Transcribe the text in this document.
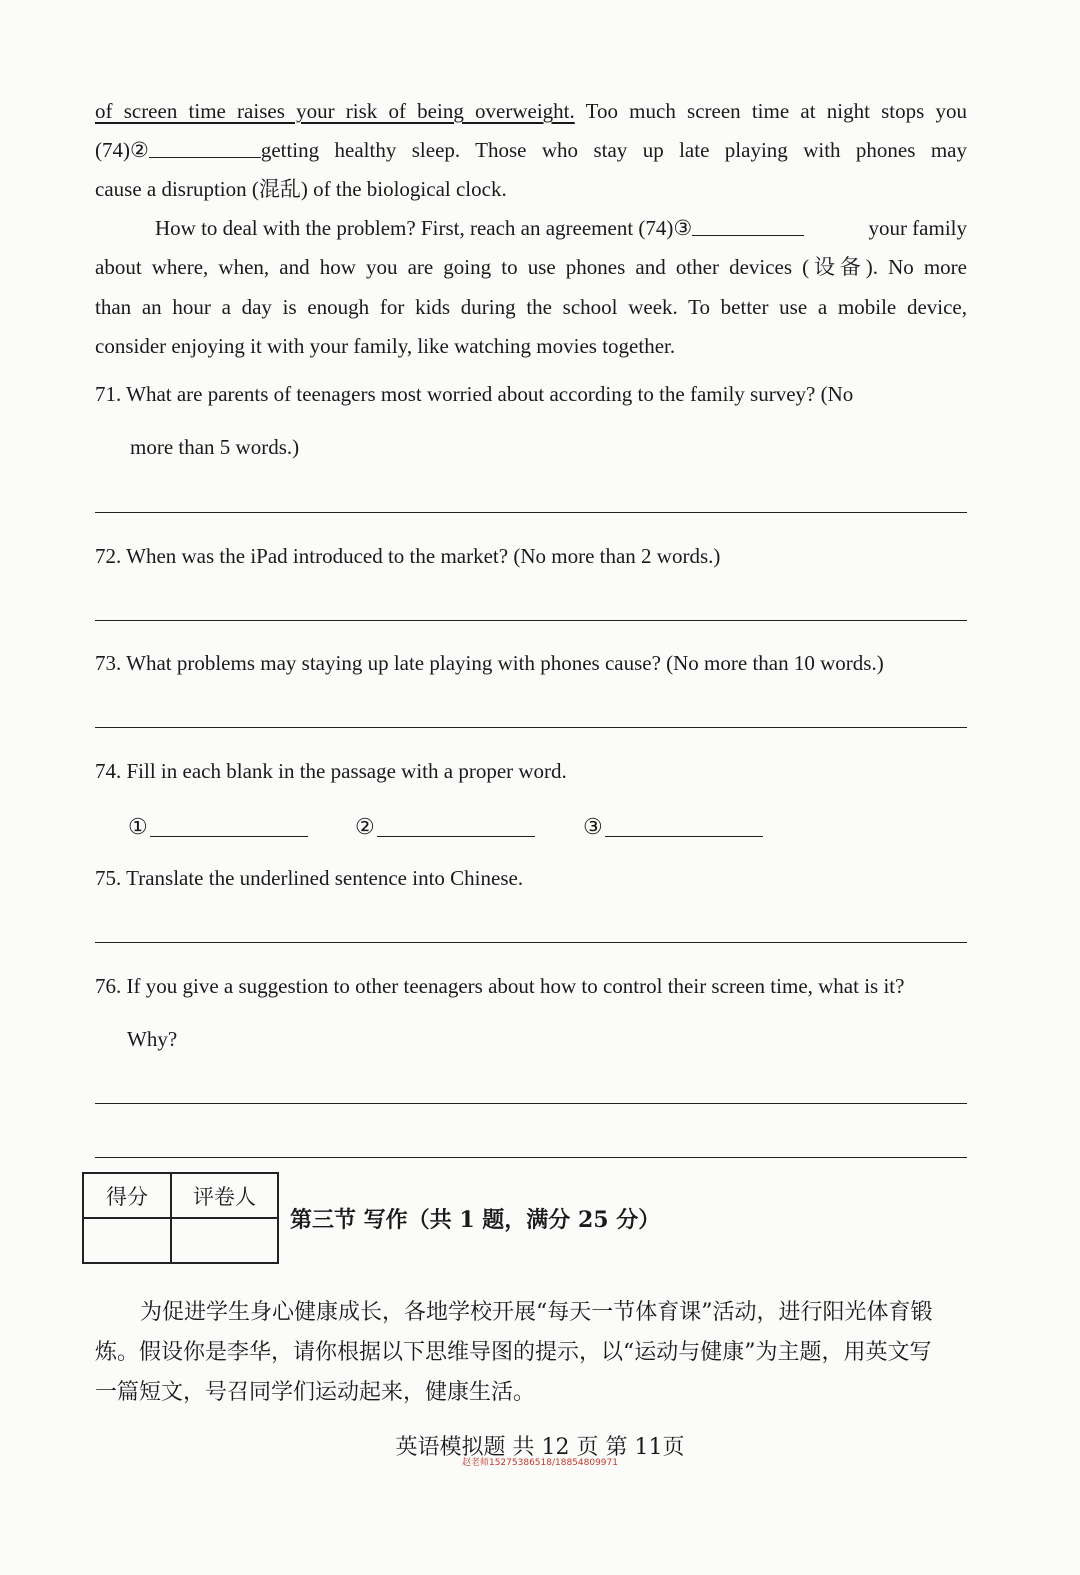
of screen time raises your risk of being overweight. Too much screen time at night stops you
(74)②	getting healthy sleep. Those who stay up late playing with phones may
cause a disruption (混乱) of the biological clock.
How to deal with the problem? First, reach an agreement (74)③	your family
about where, when, and how you are going to use phones and other devices (设备). No more
than an hour a day is enough for kids during the school week. To better use a mobile device,
consider enjoying it with your family, like watching movies together.
71. What are parents of teenagers most worried about according to the family survey? (No
more than 5 words.)
72. When was the iPad introduced to the market? (No more than 2 words.)
73. What problems may staying up late playing with phones cause? (No more than 10 words.)
74. Fill in each blank in the passage with a proper word.
①	②	③
75. Translate the underlined sentence into Chinese.
76. If you give a suggestion to other teenagers about how to control their screen time, what is it?
Why?
得分	评卷人

第三节 写作（共 1 题，满分 25 分）
为促进学生身心健康成长，各地学校开展“每天一节体育课”活动，进行阳光体育锻
炼。假设你是李华，请你根据以下思维导图的提示，以“运动与健康”为主题，用英文写
一篇短文，号召同学们运动起来，健康生活。
英语模拟题 共 12 页 第 11页
赵老师15275386518/18854809971
